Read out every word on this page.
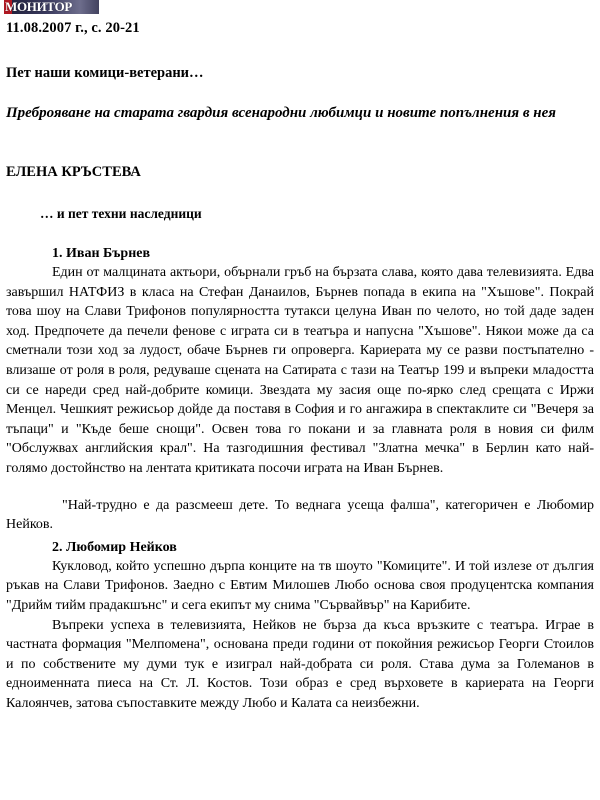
МОНИТОР
11.08.2007 г., с. 20-21
Пет наши комици-ветерани…
Преброяване на старата гвардия всенародни любимци и новите попълнения в нея
ЕЛЕНА КРЪСТЕВА
… и пет техни наследници
1. Иван Бърнев
Един от малцината актьори, обърнали гръб на бързата слава, която дава телевизията. Едва завършил НАТФИЗ в класа на Стефан Данаилов, Бърнев попада в екипа на "Хъшове". Покрай това шоу на Слави Трифонов популярността тутакси целуна Иван по челото, но той даде заден ход. Предпочете да печели фенове с играта си в театъра и напусна "Хъшове". Някои може да са сметнали този ход за лудост, обаче Бърнев ги опроверга. Кариерата му се разви постъпателно - влизаше от роля в роля, редуваше сцената на Сатирата с тази на Театър 199 и въпреки младостта си се нареди сред най-добрите комици. Звездата му засия още по-ярко след срещата с Иржи Менцел. Чешкият режисьор дойде да поставя в София и го ангажира в спектаклите си "Вечеря за тъпаци" и "Къде беше снощи". Освен това го покани и за главната роля в новия си филм "Обслужвах английския крал". На тазгодишния фестивал "Златна мечка" в Берлин като най-голямо достойнство на лентата критиката посочи играта на Иван Бърнев.
"Най-трудно е да разсмееш дете. То веднага усеща фалша", категоричен е Любомир Нейков.
2. Любомир Нейков
Кукловод, който успешно дърпа конците на тв шоуто "Комиците". И той излезе от дългия ръкав на Слави Трифонов. Заедно с Евтим Милошев Любо основа своя продуцентска компания "Дрийм тийм прадакшънс" и сега екипът му снима "Сървайвър" на Карибите.
Въпреки успеха в телевизията, Нейков не бърза да къса връзките с театъра. Играе в частната формация "Мелпомена", основана преди години от покойния режисьор Георги Стоилов и по собствените му думи тук е изиграл най-добрата си роля. Става дума за Големанов в едноименната пиеса на Ст. Л. Костов. Този образ е сред върховете в кариерата на Георги Калоянчев, затова съпоставките между Любо и Калата са неизбежни.
